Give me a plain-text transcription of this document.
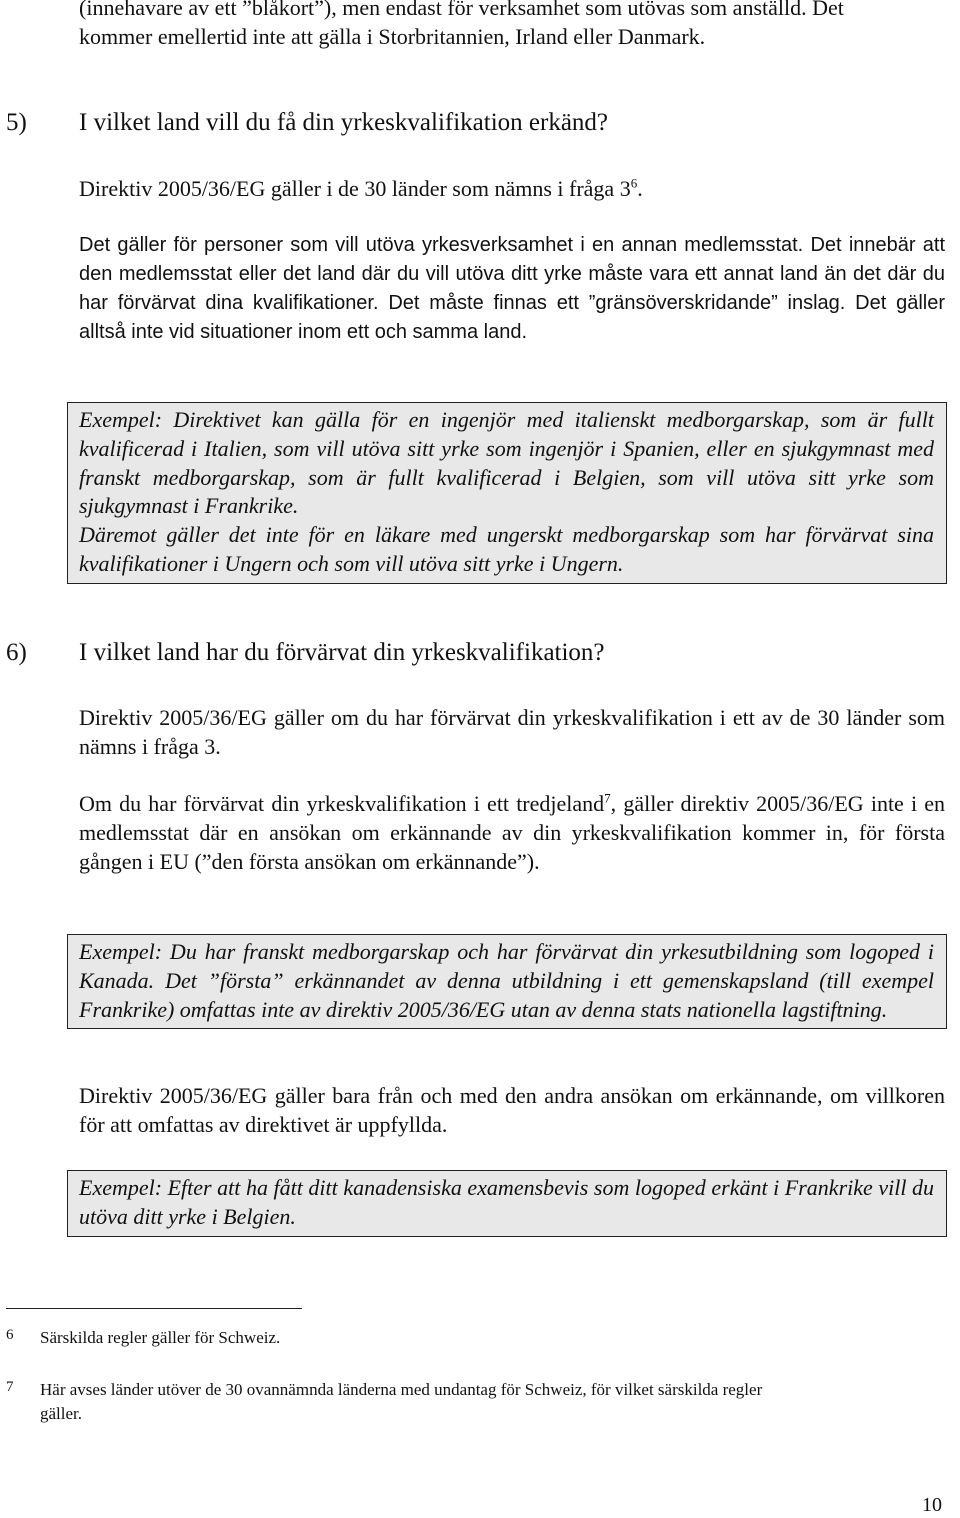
(innehavare av ett ”blåkort”), men endast för verksamhet som utövas som anställd. Det
kommer emellertid inte att gälla i Storbritannien, Irland eller Danmark.

5) I vilket land vill du få din yrkeskvalifikation erkänd?

Direktiv 2005/36/EG gäller i de 30 länder som nämns i fråga $3^6$.

Det gäller för personer som vill utöva yrkesverksamhet i en annan medlemsstat. Det innebär att den medlemsstat eller det land där du vill utöva ditt yrke måste vara ett annat land än det där du har förvärvat dina kvalifikationer. Det måste finnas ett ”gränsöverskridande” inslag. Det gäller alltså inte vid situationer inom ett och samma land.

Exempel: Direktivet kan gälla för en ingenjör med italienskt medborgarskap, som är fullt kvalificerad i Italien, som vill utöva sitt yrke som ingenjör i Spanien, eller en sjukgymnast med franskt medborgarskap, som är fullt kvalificerad i Belgien, som vill utöva sitt yrke som sjukgymnast i Frankrike.

Däremot gäller det inte för en läkare med ungerskt medborgarskap som har förvärvat sina kvalifikationer i Ungern och som vill utöva sitt yrke i Ungern.

6) I vilket land har du förvärvat din yrkeskvalifikation?

Direktiv 2005/36/EG gäller om du har förvärvat din yrkeskvalifikation i ett av de 30 länder som nämns i fråga 3.

Om du har förvärvat din yrkeskvalifikation i ett tredjeland$^7$, gäller direktiv 2005/36/EG inte i en medlemsstat där en ansökan om erkännande av din yrkeskvalifikation kommer in, för första gången i EU (”den första ansökan om erkännande”).

Exempel: Du har franskt medborgarskap och har förvärvat din yrkesutbildning som logoped i Kanada. Det ”första” erkännandet av denna utbildning i ett gemenskapsland (till exempel Frankrike) omfattas inte av direktiv 2005/36/EG utan av denna stats nationella lagstiftning.

Direktiv 2005/36/EG gäller bara från och med den andra ansökan om erkännande, om villkoren för att omfattas av direktivet är uppfyllda.

Exempel: Efter att ha fått ditt kanadensiska examensbevis som logoped erkänt i Frankrike vill du utöva ditt yrke i Belgien.

6 Särskilda regler gäller för Schweiz.
7 Här avses länder utöver de 30 ovannämnda länderna med undantag för Schweiz, för vilket särskilda regler
gäller.
10
